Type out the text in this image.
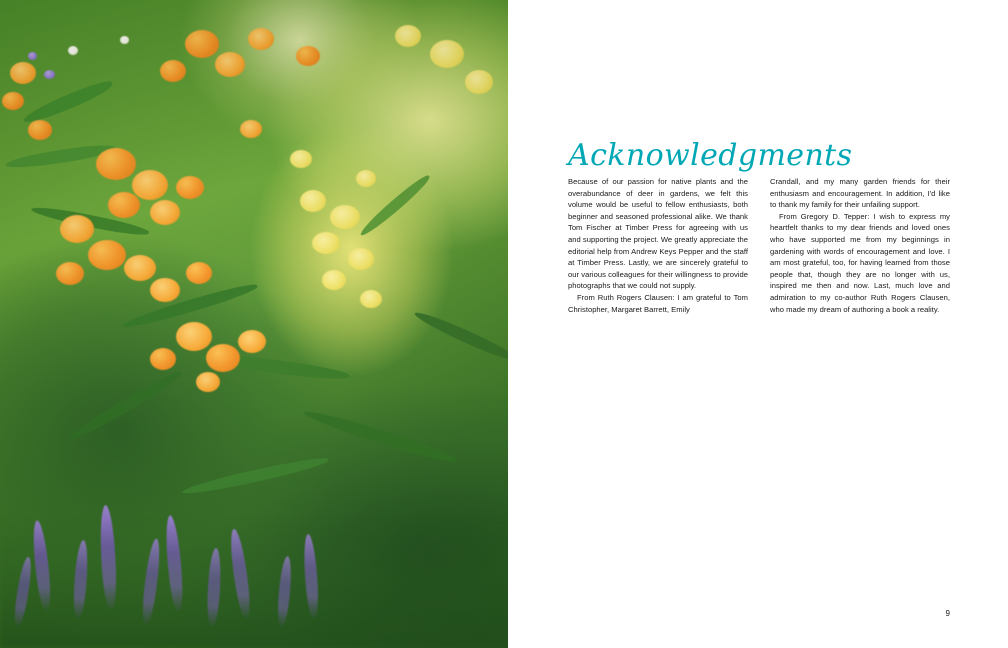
Acknowledgments

Because of our passion for native plants and the overabundance of deer in gardens, we felt this volume would be useful to fellow enthusiasts, both beginner and seasoned professional alike. We thank Tom Fischer at Timber Press for agreeing with us and supporting the project. We greatly appreciate the editorial help from Andrew Keys Pepper and the staff at Timber Press. Lastly, we are sincerely grateful to our various colleagues for their willingness to provide photographs that we could not supply.

From Ruth Rogers Clausen: I am grateful to Tom Christopher, Margaret Barrett, Emily

Crandall, and my many garden friends for their enthusiasm and encouragement. In addition, I'd like to thank my family for their unfailing support.

From Gregory D. Tepper: I wish to express my heartfelt thanks to my dear friends and loved ones who have supported me from my beginnings in gardening with words of encouragement and love. I am most grateful, too, for having learned from those people that, though they are no longer with us, inspired me then and now. Last, much love and admiration to my co-author Ruth Rogers Clausen, who made my dream of authoring a book a reality.

9
